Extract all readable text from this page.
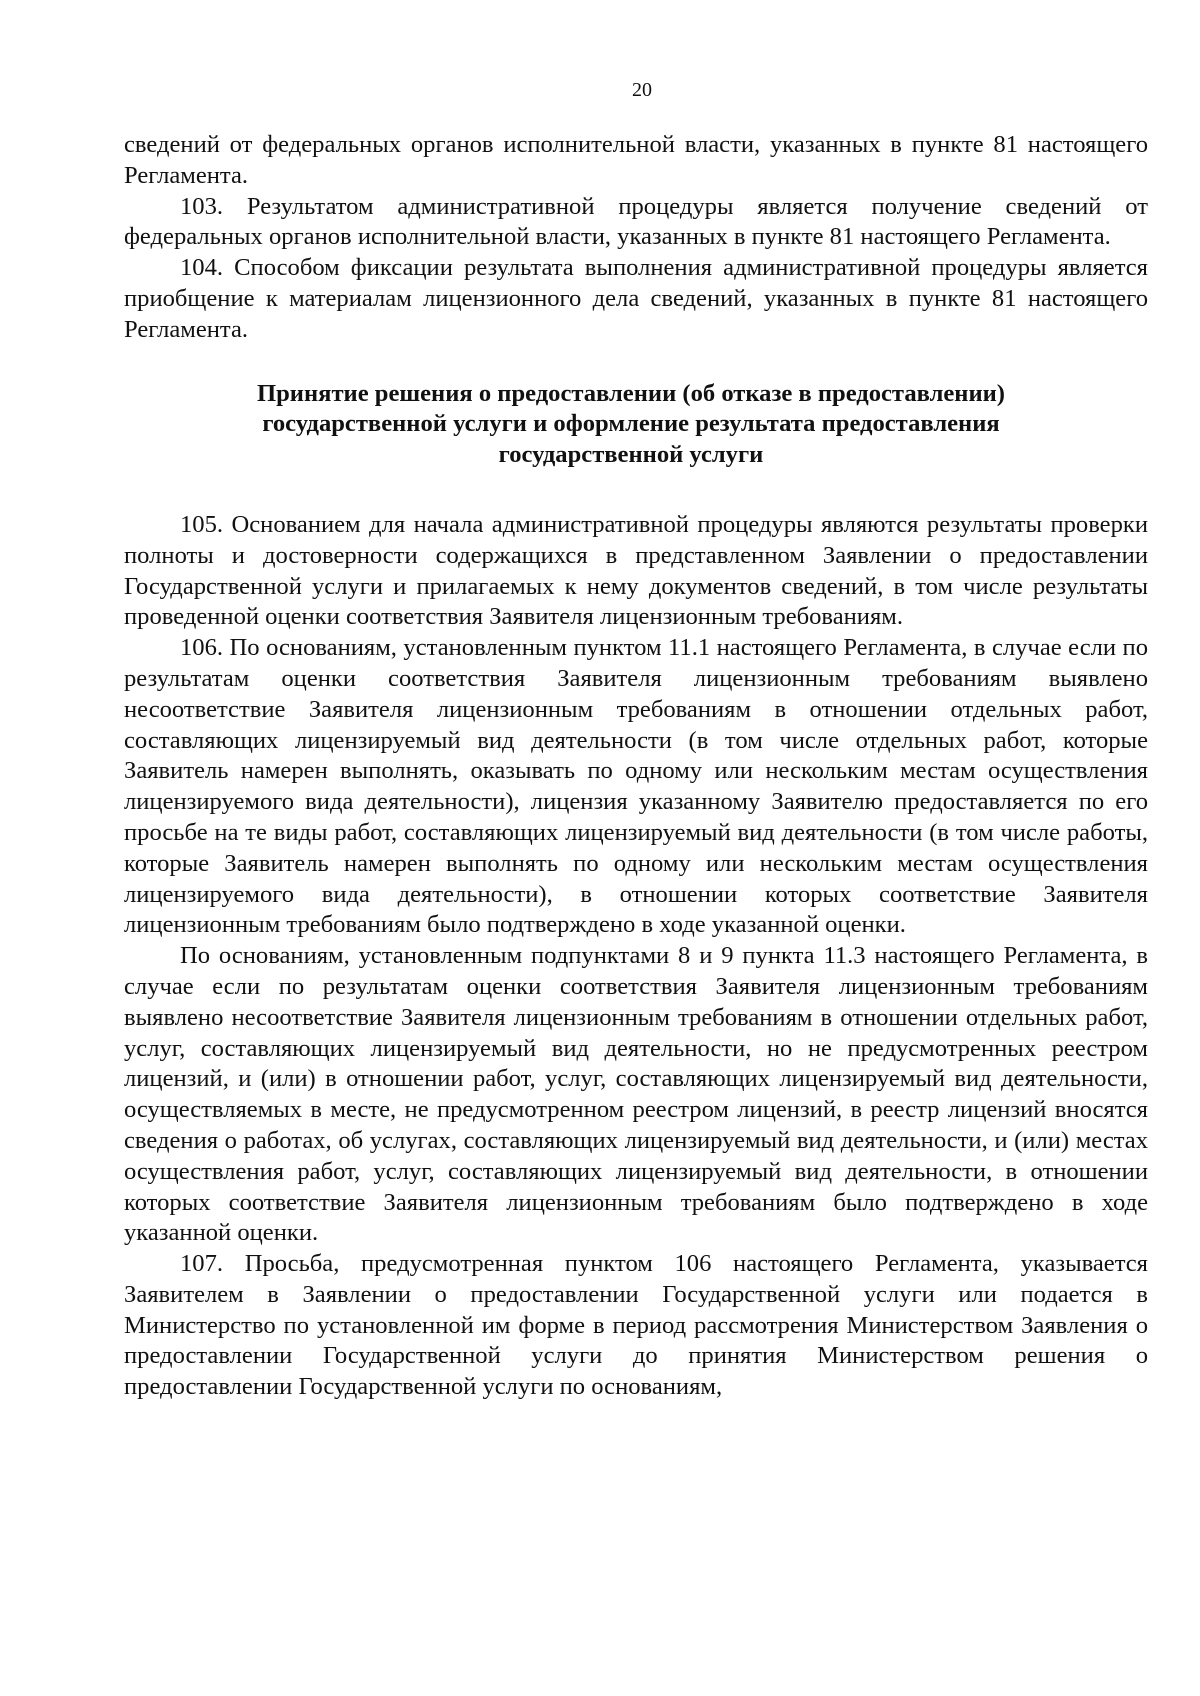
20

сведений от федеральных органов исполнительной власти, указанных в пункте 81 настоящего Регламента.

103. Результатом административной процедуры является получение сведений от федеральных органов исполнительной власти, указанных в пункте 81 настоящего Регламента.

104. Способом фиксации результата выполнения административной процедуры является приобщение к материалам лицензионного дела сведений, указанных в пункте 81 настоящего Регламента.

Принятие решения о предоставлении (об отказе в предоставлении)
государственной услуги и оформление результата предоставления
государственной услуги

105. Основанием для начала административной процедуры являются результаты проверки полноты и достоверности содержащихся в представленном Заявлении о предоставлении Государственной услуги и прилагаемых к нему документов сведений, в том числе результаты проведенной оценки соответствия Заявителя лицензионным требованиям.

106. По основаниям, установленным пунктом 11.1 настоящего Регламента, в случае если по результатам оценки соответствия Заявителя лицензионным требованиям выявлено несоответствие Заявителя лицензионным требованиям в отношении отдельных работ, составляющих лицензируемый вид деятельности (в том числе отдельных работ, которые Заявитель намерен выполнять, оказывать по одному или нескольким местам осуществления лицензируемого вида деятельности), лицензия указанному Заявителю предоставляется по его просьбе на те виды работ, составляющих лицензируемый вид деятельности (в том числе работы, которые Заявитель намерен выполнять по одному или нескольким местам осуществления лицензируемого вида деятельности), в отношении которых соответствие Заявителя лицензионным требованиям было подтверждено в ходе указанной оценки.

По основаниям, установленным подпунктами 8 и 9 пункта 11.3 настоящего Регламента, в случае если по результатам оценки соответствия Заявителя лицензионным требованиям выявлено несоответствие Заявителя лицензионным требованиям в отношении отдельных работ, услуг, составляющих лицензируемый вид деятельности, но не предусмотренных реестром лицензий, и (или) в отношении работ, услуг, составляющих лицензируемый вид деятельности, осуществляемых в месте, не предусмотренном реестром лицензий, в реестр лицензий вносятся сведения о работах, об услугах, составляющих лицензируемый вид деятельности, и (или) местах осуществления работ, услуг, составляющих лицензируемый вид деятельности, в отношении которых соответствие Заявителя лицензионным требованиям было подтверждено в ходе указанной оценки.

107. Просьба, предусмотренная пунктом 106 настоящего Регламента, указывается Заявителем в Заявлении о предоставлении Государственной услуги или подается в Министерство по установленной им форме в период рассмотрения Министерством Заявления о предоставлении Государственной услуги до принятия Министерством решения о предоставлении Государственной услуги по основаниям,
